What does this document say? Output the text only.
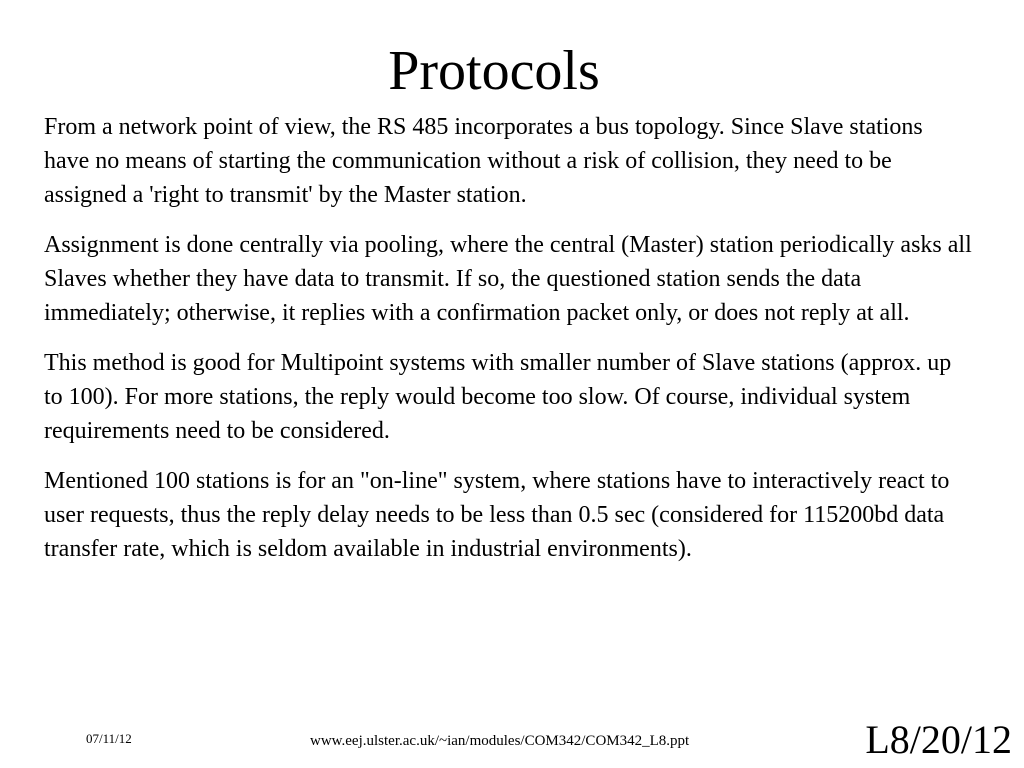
Protocols

From a network point of view, the RS 485 incorporates a bus topology. Since Slave stations have no means of starting the communication without a risk of collision, they need to be assigned a 'right to transmit' by the Master station.

Assignment is done centrally via pooling, where the central (Master) station periodically asks all Slaves whether they have data to transmit. If so, the questioned station sends the data immediately; otherwise, it replies with a confirmation packet only, or does not reply at all.

This method is good for Multipoint systems with smaller number of Slave stations (approx. up to 100). For more stations, the reply would become too slow. Of course, individual system requirements need to be considered.

Mentioned 100 stations is for an "on-line" system, where stations have to interactively react to user requests, thus the reply delay needs to be less than 0.5 sec (considered for 115200bd data transfer rate, which is seldom available in industrial environments).

07/11/12	www.eej.ulster.ac.uk/~ian/modules/COM342/COM342_L8.ppt	L8/20/12
